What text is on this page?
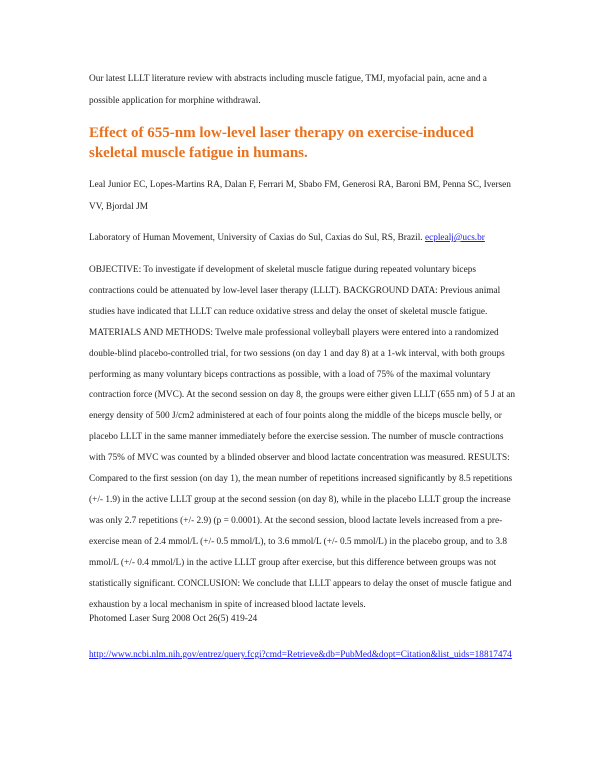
Our latest LLLT literature review with abstracts including muscle fatigue, TMJ, myofacial pain, acne and a possible application for morphine withdrawal.

Effect of 655-nm low-level laser therapy on exercise-induced skeletal muscle fatigue in humans.

Leal Junior EC, Lopes-Martins RA, Dalan F, Ferrari M, Sbabo FM, Generosi RA, Baroni BM, Penna SC, Iversen VV, Bjordal JM

Laboratory of Human Movement, University of Caxias do Sul, Caxias do Sul, RS, Brazil. ecplealj@ucs.br

OBJECTIVE: To investigate if development of skeletal muscle fatigue during repeated voluntary biceps contractions could be attenuated by low-level laser therapy (LLLT). BACKGROUND DATA: Previous animal studies have indicated that LLLT can reduce oxidative stress and delay the onset of skeletal muscle fatigue. MATERIALS AND METHODS: Twelve male professional volleyball players were entered into a randomized double-blind placebo-controlled trial, for two sessions (on day 1 and day 8) at a 1-wk interval, with both groups performing as many voluntary biceps contractions as possible, with a load of 75% of the maximal voluntary contraction force (MVC). At the second session on day 8, the groups were either given LLLT (655 nm) of 5 J at an energy density of 500 J/cm2 administered at each of four points along the middle of the biceps muscle belly, or placebo LLLT in the same manner immediately before the exercise session. The number of muscle contractions with 75% of MVC was counted by a blinded observer and blood lactate concentration was measured. RESULTS: Compared to the first session (on day 1), the mean number of repetitions increased significantly by 8.5 repetitions (+/- 1.9) in the active LLLT group at the second session (on day 8), while in the placebo LLLT group the increase was only 2.7 repetitions (+/- 2.9) (p = 0.0001). At the second session, blood lactate levels increased from a pre-exercise mean of 2.4 mmol/L (+/- 0.5 mmol/L), to 3.6 mmol/L (+/- 0.5 mmol/L) in the placebo group, and to 3.8 mmol/L (+/- 0.4 mmol/L) in the active LLLT group after exercise, but this difference between groups was not statistically significant. CONCLUSION: We conclude that LLLT appears to delay the onset of muscle fatigue and exhaustion by a local mechanism in spite of increased blood lactate levels.

Photomed Laser Surg 2008 Oct 26(5) 419-24

http://www.ncbi.nlm.nih.gov/entrez/query.fcgi?cmd=Retrieve&db=PubMed&dopt=Citation&list_uids=18817474
